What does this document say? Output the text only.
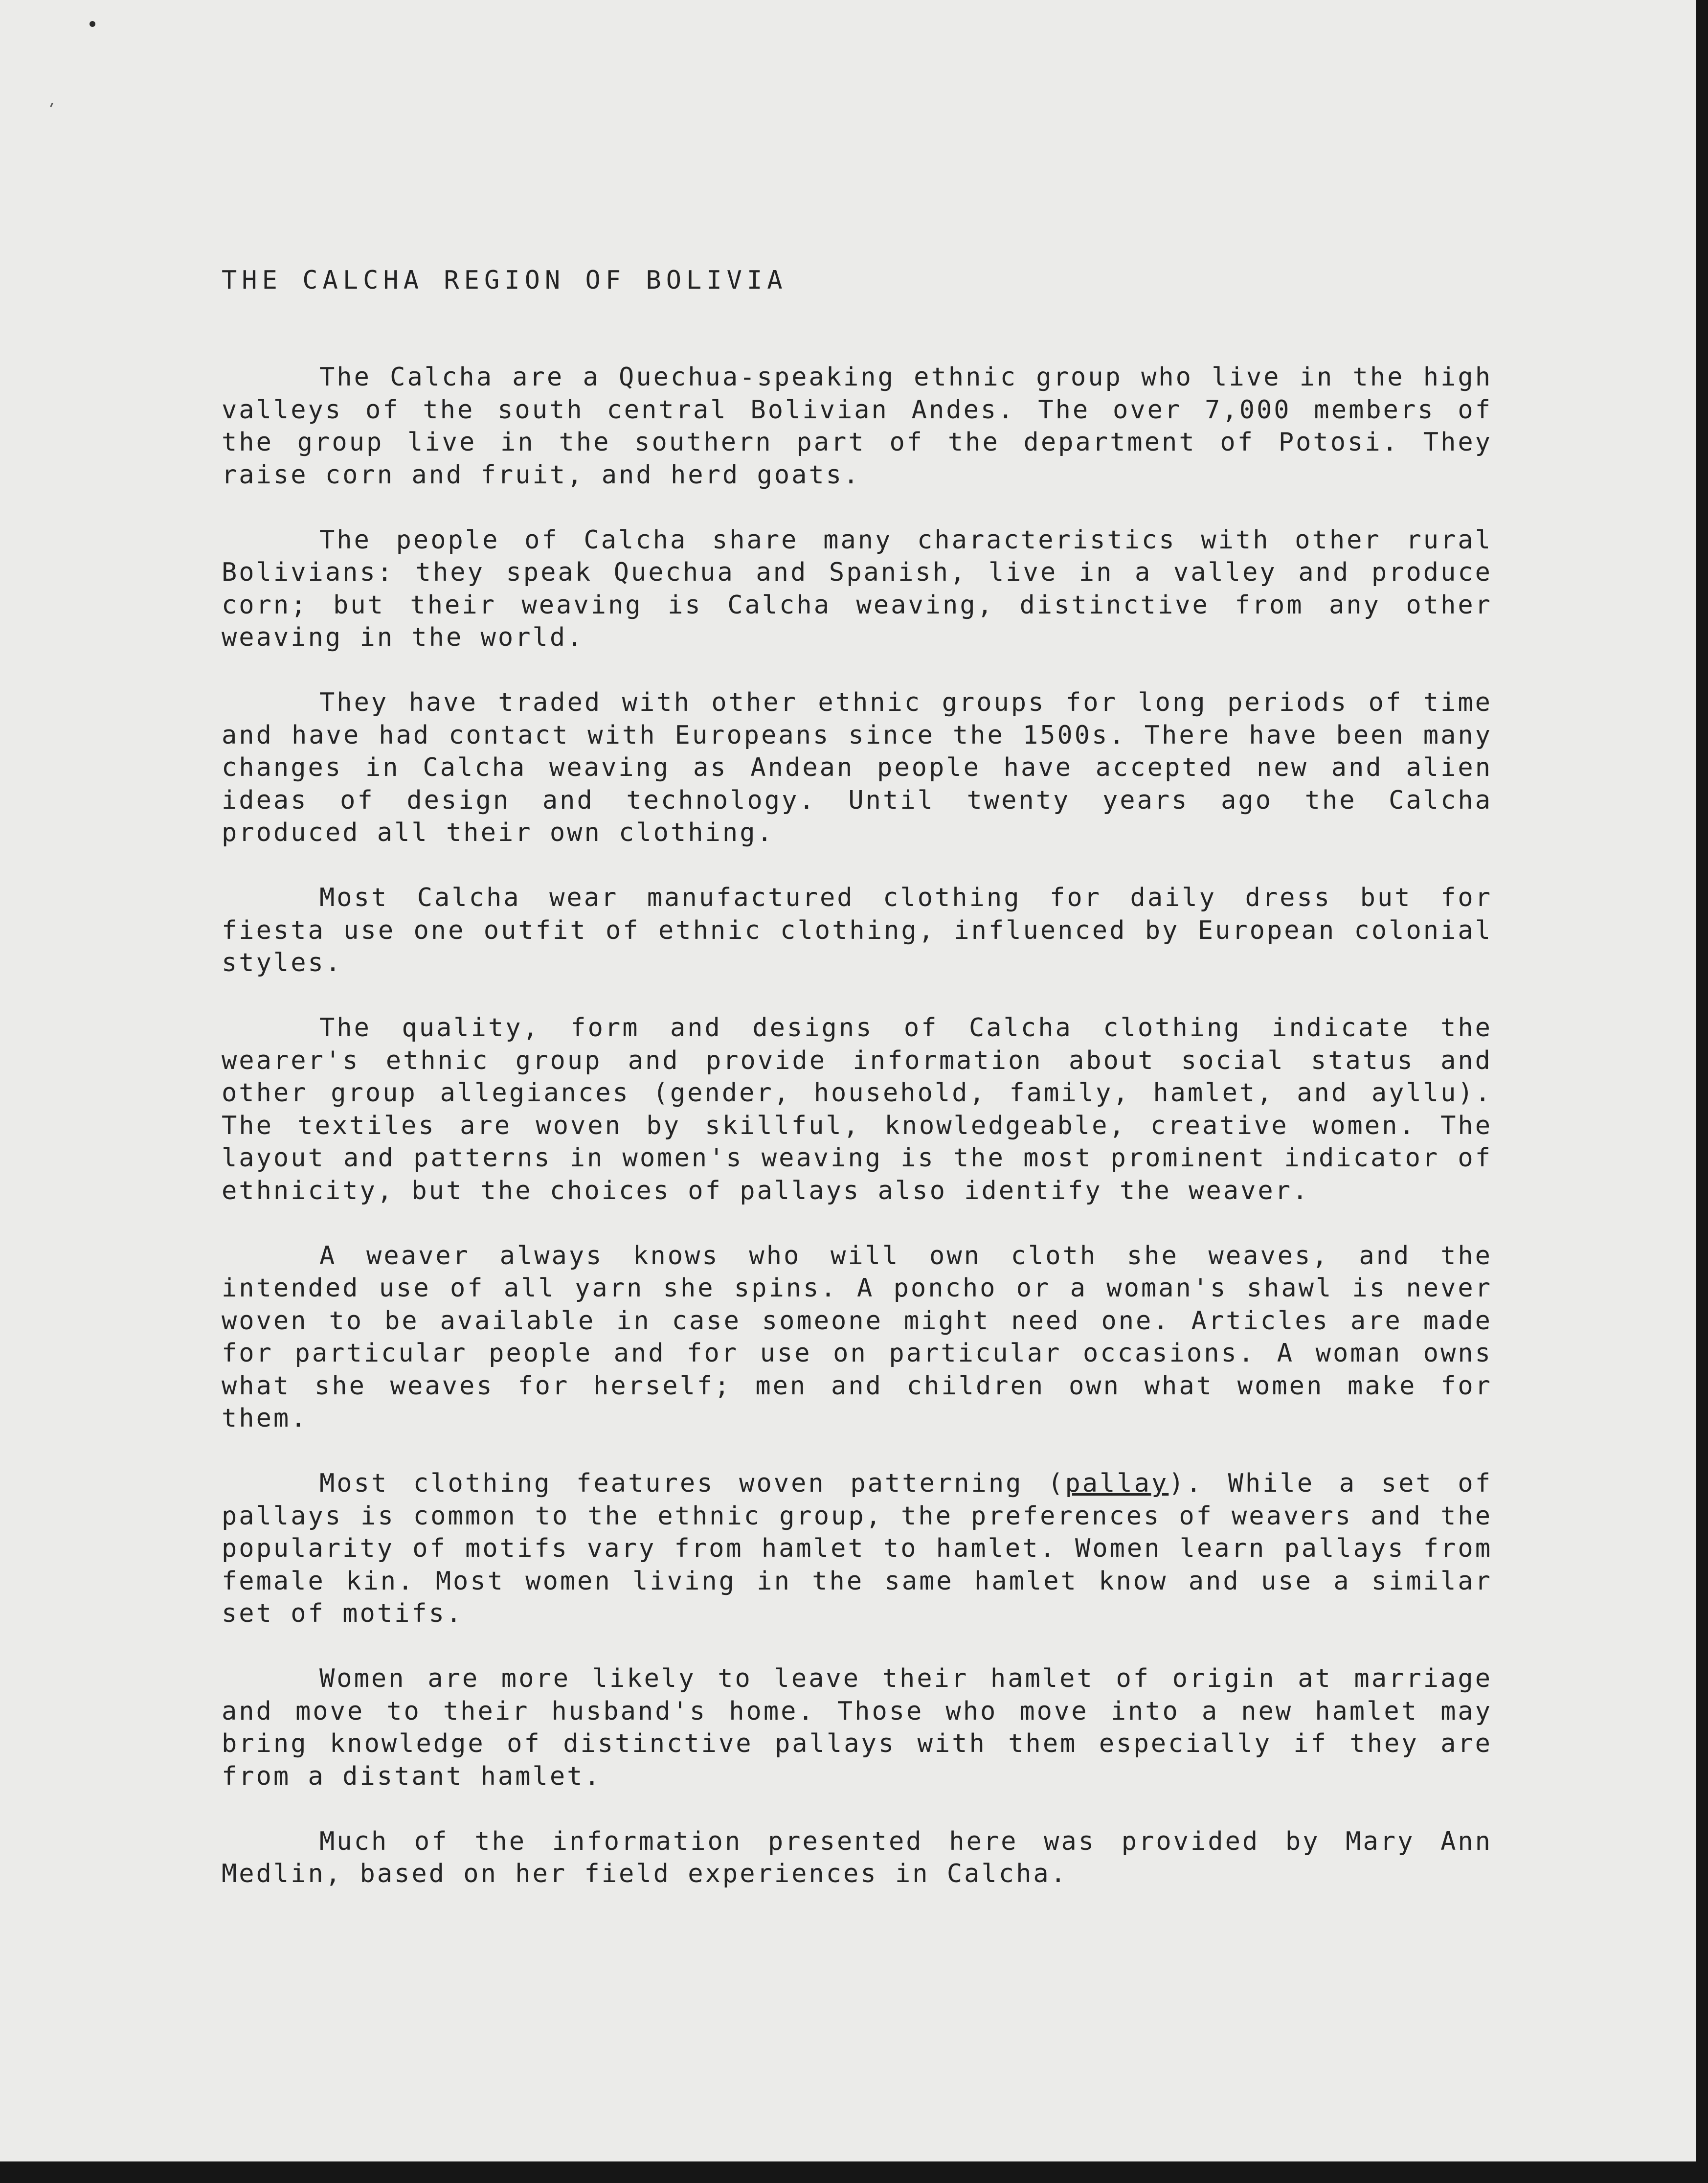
THE CALCHA REGION OF BOLIVIA

The Calcha are a Quechua-speaking ethnic group who live in the high valleys of the south central Bolivian Andes. The over 7,000 members of the group live in the southern part of the department of Potosi. They raise corn and fruit, and herd goats.

The people of Calcha share many characteristics with other rural Bolivians: they speak Quechua and Spanish, live in a valley and produce corn; but their weaving is Calcha weaving, distinctive from any other weaving in the world.

They have traded with other ethnic groups for long periods of time and have had contact with Europeans since the 1500s. There have been many changes in Calcha weaving as Andean people have accepted new and alien ideas of design and technology. Until twenty years ago the Calcha produced all their own clothing.

Most Calcha wear manufactured clothing for daily dress but for fiesta use one outfit of ethnic clothing, influenced by European colonial styles.

The quality, form and designs of Calcha clothing indicate the wearer's ethnic group and provide information about social status and other group allegiances (gender, household, family, hamlet, and ayllu). The textiles are woven by skillful, knowledgeable, creative women. The layout and patterns in women's weaving is the most prominent indicator of ethnicity, but the choices of pallays also identify the weaver.

A weaver always knows who will own cloth she weaves, and the intended use of all yarn she spins. A poncho or a woman's shawl is never woven to be available in case someone might need one. Articles are made for particular people and for use on particular occasions. A woman owns what she weaves for herself; men and children own what women make for them.

Most clothing features woven patterning (pallay). While a set of pallays is common to the ethnic group, the preferences of weavers and the popularity of motifs vary from hamlet to hamlet. Women learn pallays from female kin. Most women living in the same hamlet know and use a similar set of motifs.

Women are more likely to leave their hamlet of origin at marriage and move to their husband's home. Those who move into a new hamlet may bring knowledge of distinctive pallays with them especially if they are from a distant hamlet.

Much of the information presented here was provided by Mary Ann Medlin, based on her field experiences in Calcha.
